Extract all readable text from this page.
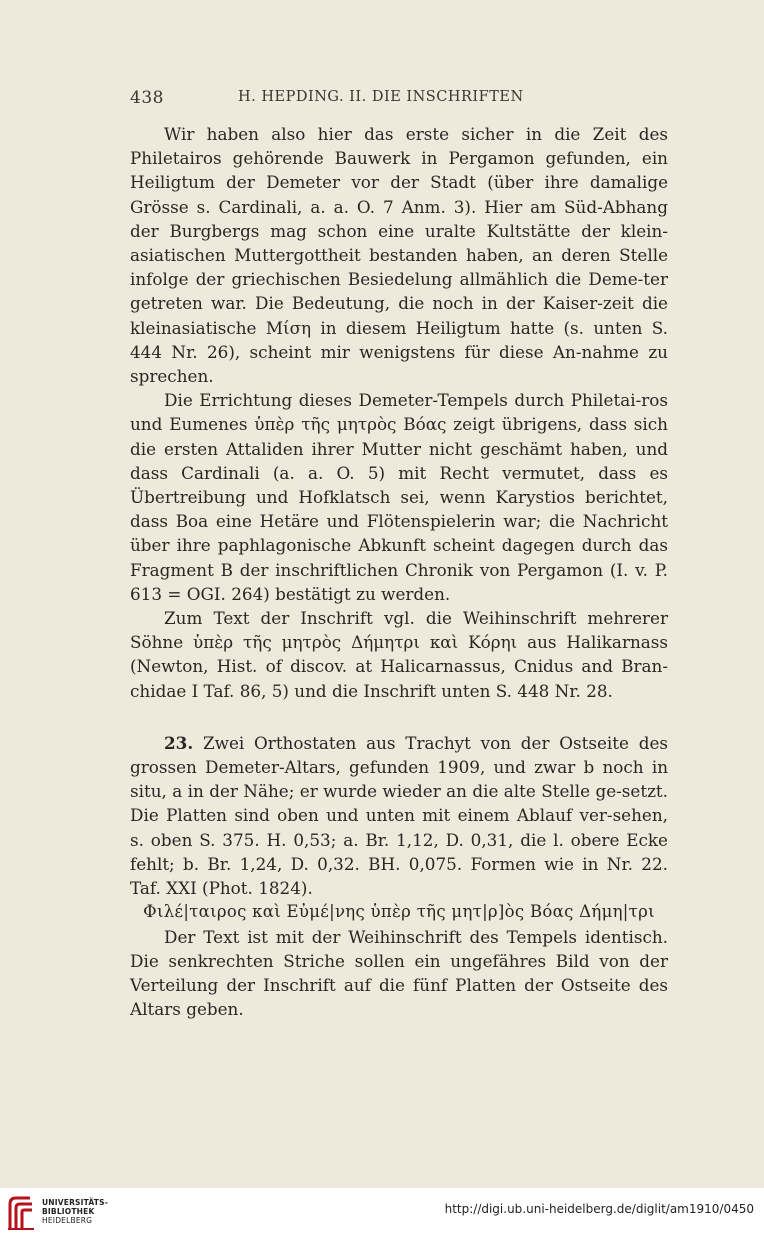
438	H. HEPDING. II. DIE INSCHRIFTEN

Wir haben also hier das erste sicher in die Zeit des Philetairos gehörende Bauwerk in Pergamon gefunden, ein Heiligtum der Demeter vor der Stadt (über ihre damalige Grösse s. Cardinali, a. a. O. 7 Anm. 3). Hier am Süd-Abhang der Burgbergs mag schon eine uralte Kultstätte der klein-asiatischen Muttergottheit bestanden haben, an deren Stelle infolge der griechischen Besiedelung allmählich die Deme-ter getreten war. Die Bedeutung, die noch in der Kaiser-zeit die kleinasiatische Μίση in diesem Heiligtum hatte (s. unten S. 444 Nr. 26), scheint mir wenigstens für diese An-nahme zu sprechen.

Die Errichtung dieses Demeter-Tempels durch Philetai-ros und Eumenes ὑπὲρ τῆς μητρὸς Βόας zeigt übrigens, dass sich die ersten Attaliden ihrer Mutter nicht geschämt haben, und dass Cardinali (a. a. O. 5) mit Recht vermutet, dass es Übertreibung und Hofklatsch sei, wenn Karystios berichtet, dass Boa eine Hetäre und Flötenspielerin war; die Nachricht über ihre paphlagonische Abkunft scheint dagegen durch das Fragment B der inschriftlichen Chronik von Pergamon (I. v. P. 613 = OGI. 264) bestätigt zu werden.

Zum Text der Inschrift vgl. die Weihinschrift mehrerer Söhne ὑπὲρ τῆς μητρὸς Δήμητρι καὶ Κόρηι aus Halikarnass (Newton, Hist. of discov. at Halicarnassus, Cnidus and Bran-chidae I Taf. 86, 5) und die Inschrift unten S. 448 Nr. 28.

23. Zwei Orthostaten aus Trachyt von der Ostseite des grossen Demeter-Altars, gefunden 1909, und zwar b noch in situ, a in der Nähe; er wurde wieder an die alte Stelle ge-setzt. Die Platten sind oben und unten mit einem Ablauf ver-sehen, s. oben S. 375. H. 0,53; a. Br. 1,12, D. 0,31, die l. obere Ecke fehlt; b. Br. 1,24, D. 0,32. BH. 0,075. Formen wie in Nr. 22. Taf. XXI (Phot. 1824).

Φιλέ|ταιρος καὶ Εὐμέ|νης ὑπὲρ τῆς μητ|ρ]ὸς Βόας Δήμη|τρι

Der Text ist mit der Weihinschrift des Tempels identisch. Die senkrechten Striche sollen ein ungefähres Bild von der Verteilung der Inschrift auf die fünf Platten der Ostseite des Altars geben.

UNIVERSITÄTS-
BIBLIOTHEK
HEIDELBERG
http://digi.ub.uni-heidelberg.de/diglit/am1910/0450
